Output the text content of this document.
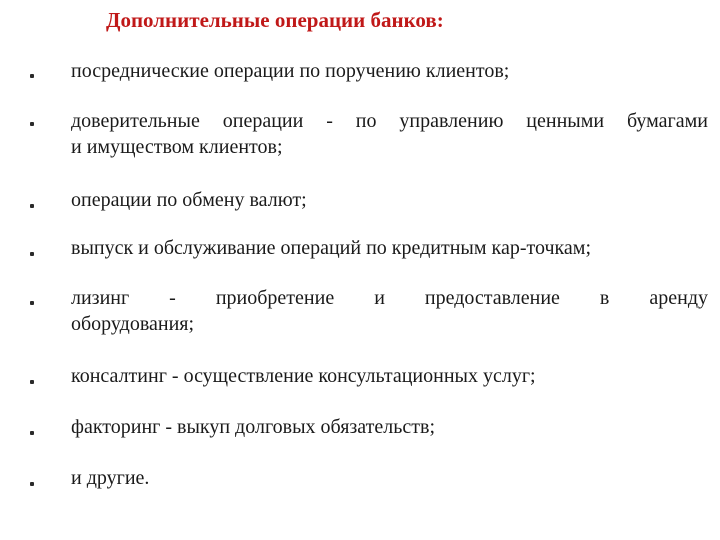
Дополнительные операции банков:
посреднические операции по поручению клиентов;
доверительные операции - по управлению ценными бумагами
и имуществом клиентов;
операции по обмену валют;
выпуск и обслуживание операций по кредитным кар-точкам;
лизинг - приобретение и предоставление в аренду
оборудования;
консалтинг - осуществление консультационных услуг;
факторинг - выкуп долговых обязательств;
и другие.
